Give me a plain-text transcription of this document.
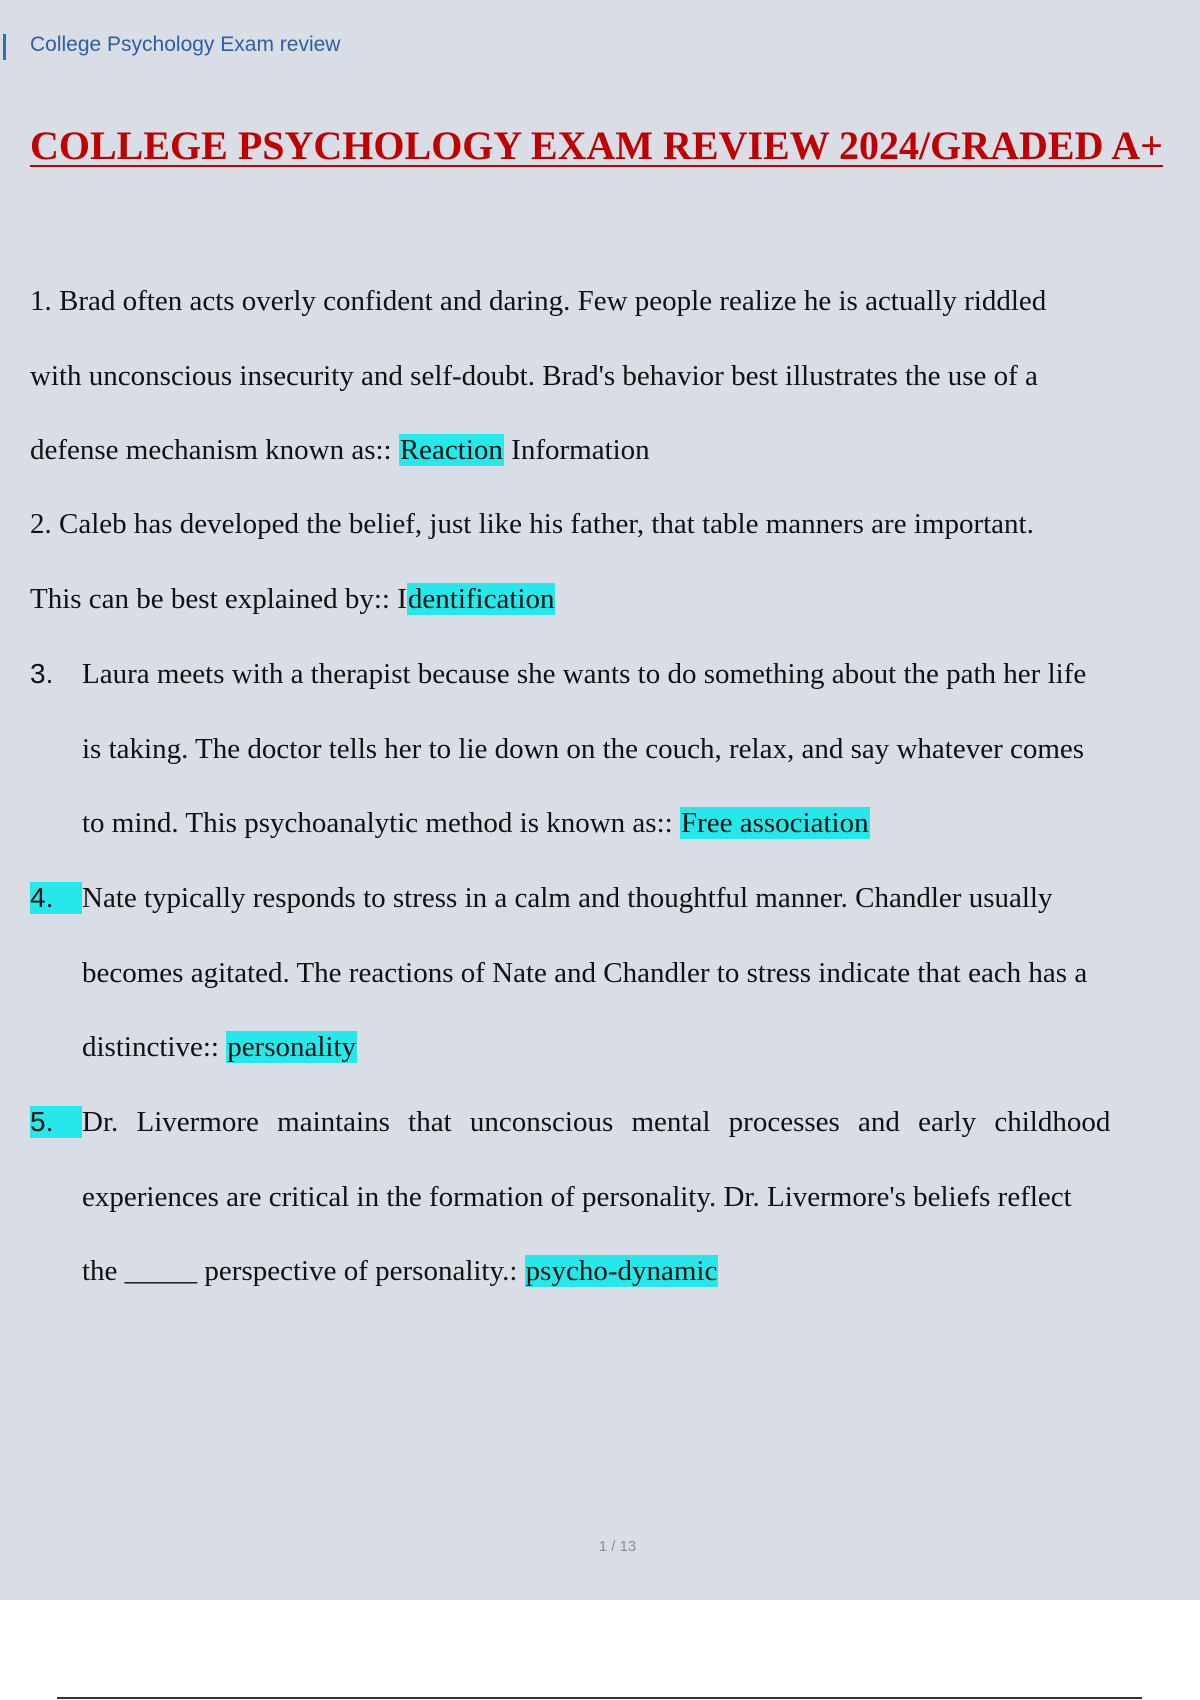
College Psychology Exam review
COLLEGE PSYCHOLOGY EXAM REVIEW 2024/GRADED A+
1. Brad often acts overly confident and daring. Few people realize he is actually riddled
with unconscious insecurity and self-doubt. Brad's behavior best illustrates the use of a
defense mechanism known as:: Reaction Information
2. Caleb has developed the belief, just like his father, that table manners are important.
This can be best explained by:: Identification
3. Laura meets with a therapist because she wants to do something about the path her life
is taking. The doctor tells her to lie down on the couch, relax, and say whatever comes
to mind. This psychoanalytic method is known as:: Free association
4. Nate typically responds to stress in a calm and thoughtful manner. Chandler usually
becomes agitated. The reactions of Nate and Chandler to stress indicate that each has a
distinctive:: personality
5. Dr. Livermore maintains that unconscious mental processes and early childhood
experiences are critical in the formation of personality. Dr. Livermore's beliefs reflect
the _____ perspective of personality.: psycho-dynamic
1 / 13
